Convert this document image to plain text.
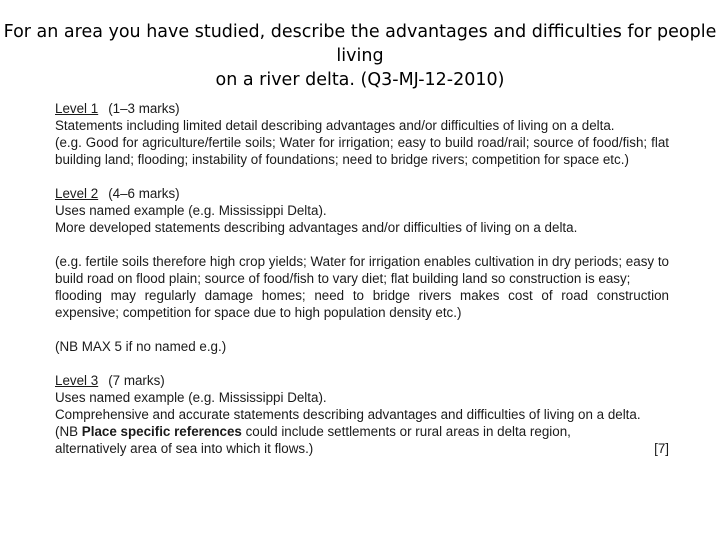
For an area you have studied, describe the advantages and difficulties for people living
on a river delta. (Q3-MJ-12-2010)

Level 1 (1–3 marks)

Statements including limited detail describing advantages and/or difficulties of living on a delta.

(e.g. Good for agriculture/fertile soils; Water for irrigation; easy to build road/rail; source of food/fish; flat building land; flooding; instability of foundations; need to bridge rivers; competition for space etc.)

Level 2 (4–6 marks)

Uses named example (e.g. Mississippi Delta).

More developed statements describing advantages and/or difficulties of living on a delta.

(e.g. fertile soils therefore high crop yields; Water for irrigation enables cultivation in dry periods; easy to build road on flood plain; source of food/fish to vary diet; flat building land so construction is easy;

flooding may regularly damage homes; need to bridge rivers makes cost of road construction expensive; competition for space due to high population density etc.)

(NB MAX 5 if no named e.g.)

Level 3 (7 marks)

Uses named example (e.g. Mississippi Delta).

Comprehensive and accurate statements describing advantages and difficulties of living on a delta.

(NB Place specific references could include settlements or rural areas in delta region,

alternatively area of sea into which it flows.)	[7]
